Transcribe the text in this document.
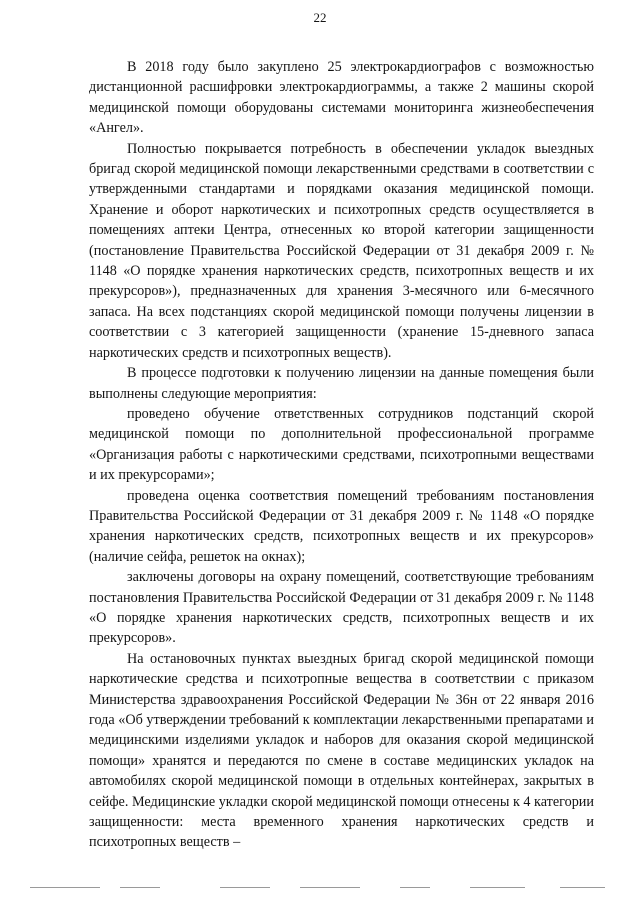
22

В 2018 году было закуплено 25 электрокардиографов с возможностью дистанционной расшифровки электрокардиограммы, а также 2 машины скорой медицинской помощи оборудованы системами мониторинга жизнеобеспечения «Ангел».

Полностью покрывается потребность в обеспечении укладок выездных бригад скорой медицинской помощи лекарственными средствами в соответствии с утвержденными стандартами и порядками оказания медицинской помощи. Хранение и оборот наркотических и психотропных средств осуществляется в помещениях аптеки Центра, отнесенных ко второй категории защищенности (постановление Правительства Российской Федерации от 31 декабря 2009 г. № 1148 «О порядке хранения наркотических средств, психотропных веществ и их прекурсоров»), предназначенных для хранения 3-месячного или 6-месячного запаса. На всех подстанциях скорой медицинской помощи получены лицензии в соответствии с 3 категорией защищенности (хранение 15-дневного запаса наркотических средств и психотропных веществ).

В процессе подготовки к получению лицензии на данные помещения были выполнены следующие мероприятия:

проведено обучение ответственных сотрудников подстанций скорой медицинской помощи по дополнительной профессиональной программе «Организация работы с наркотическими средствами, психотропными веществами и их прекурсорами»;

проведена оценка соответствия помещений требованиям постановления Правительства Российской Федерации от 31 декабря 2009 г. № 1148 «О порядке хранения наркотических средств, психотропных веществ и их прекурсоров» (наличие сейфа, решеток на окнах);

заключены договоры на охрану помещений, соответствующие требованиям постановления Правительства Российской Федерации от 31 декабря 2009 г. № 1148 «О порядке хранения наркотических средств, психотропных веществ и их прекурсоров».

На остановочных пунктах выездных бригад скорой медицинской помощи наркотические средства и психотропные вещества в соответствии с приказом Министерства здравоохранения Российской Федерации № 36н от 22 января 2016 года «Об утверждении требований к комплектации лекарственными препаратами и медицинскими изделиями укладок и наборов для оказания скорой медицинской помощи» хранятся и передаются по смене в составе медицинских укладок на автомобилях скорой медицинской помощи в отдельных контейнерах, закрытых в сейфе. Медицинские укладки скорой медицинской помощи отнесены к 4 категории защищенности: места временного хранения наркотических средств и психотропных веществ –
